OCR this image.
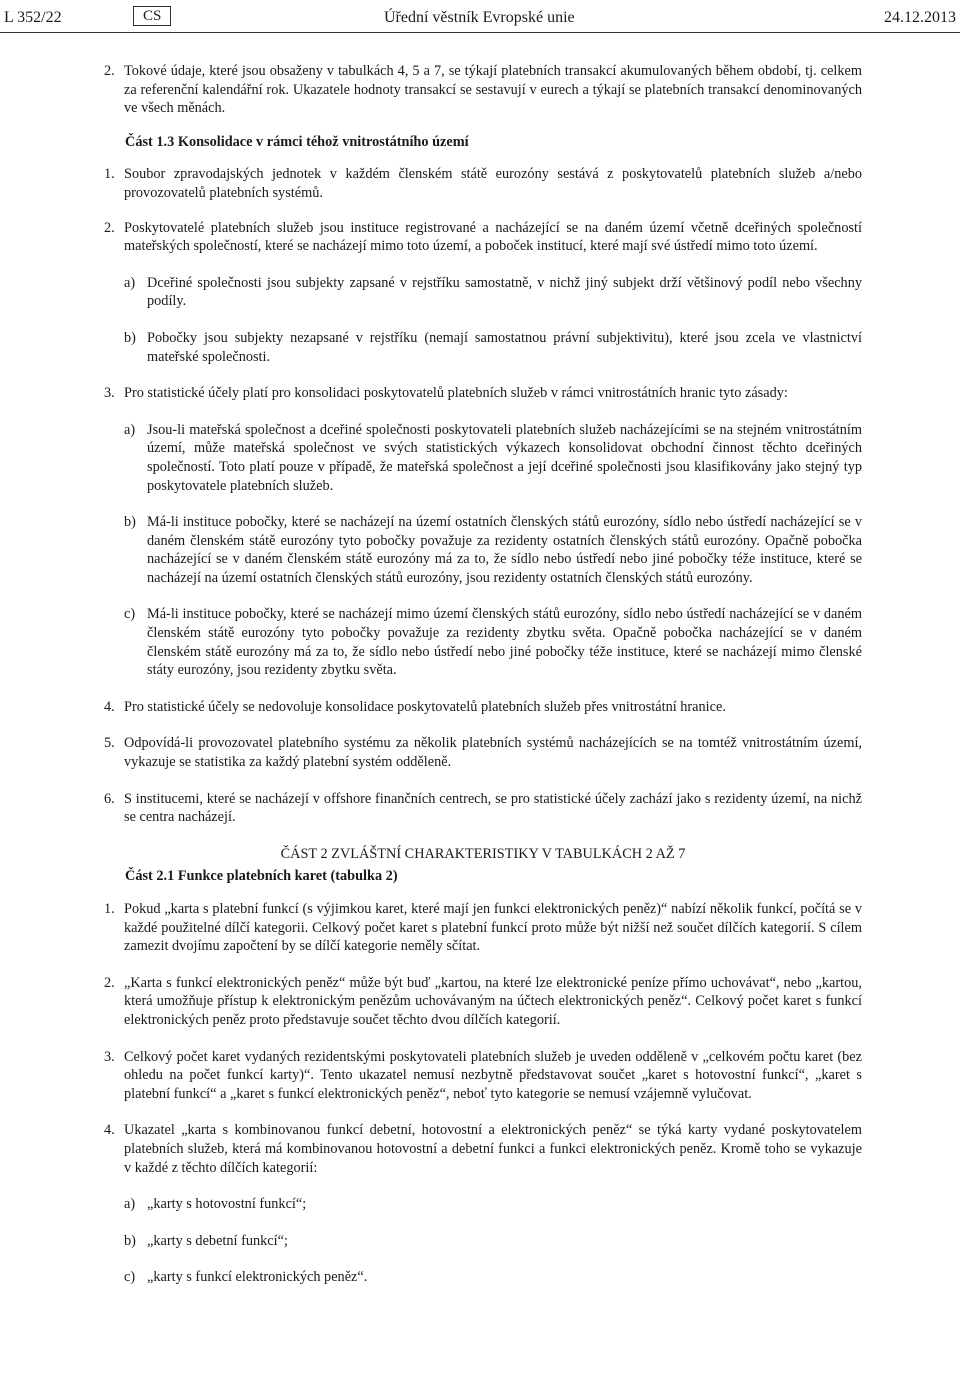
L 352/22	CS	Úřední věstník Evropské unie	24.12.2013
2. Tokové údaje, které jsou obsaženy v tabulkách 4, 5 a 7, se týkají platebních transakcí akumulovaných během období, tj. celkem za referenční kalendářní rok. Ukazatele hodnoty transakcí se sestavují v eurech a týkají se platebních transakcí denominovaných ve všech měnách.
Část 1.3 Konsolidace v rámci téhož vnitrostátního území
1. Soubor zpravodajských jednotek v každém členském státě eurozóny sestává z poskytovatelů platebních služeb a/nebo provozovatelů platebních systémů.
2. Poskytovatelé platebních služeb jsou instituce registrované a nacházející se na daném území včetně dceřiných společností mateřských společností, které se nacházejí mimo toto území, a poboček institucí, které mají své ústředí mimo toto území.
a) Dceřiné společnosti jsou subjekty zapsané v rejstříku samostatně, v nichž jiný subjekt drží většinový podíl nebo všechny podíly.
b) Pobočky jsou subjekty nezapsané v rejstříku (nemají samostatnou právní subjektivitu), které jsou zcela ve vlastnictví mateřské společnosti.
3. Pro statistické účely platí pro konsolidaci poskytovatelů platebních služeb v rámci vnitrostátních hranic tyto zásady:
a) Jsou-li mateřská společnost a dceřiné společnosti poskytovateli platebních služeb nacházejícími se na stejném vnitrostátním území, může mateřská společnost ve svých statistických výkazech konsolidovat obchodní činnost těchto dceřiných společností. Toto platí pouze v případě, že mateřská společnost a její dceřiné společnosti jsou klasifikovány jako stejný typ poskytovatele platebních služeb.
b) Má-li instituce pobočky, které se nacházejí na území ostatních členských států eurozóny, sídlo nebo ústředí nacházející se v daném členském státě eurozóny tyto pobočky považuje za rezidenty ostatních členských států eurozóny. Opačně pobočka nacházející se v daném členském státě eurozóny má za to, že sídlo nebo ústředí nebo jiné pobočky téže instituce, které se nacházejí na území ostatních členských států eurozóny, jsou rezidenty ostatních členských států eurozóny.
c) Má-li instituce pobočky, které se nacházejí mimo území členských států eurozóny, sídlo nebo ústředí nacházející se v daném členském státě eurozóny tyto pobočky považuje za rezidenty zbytku světa. Opačně pobočka nacházející se v daném členském státě eurozóny má za to, že sídlo nebo ústředí nebo jiné pobočky téže instituce, které se nacházejí mimo členské státy eurozóny, jsou rezidenty zbytku světa.
4. Pro statistické účely se nedovoluje konsolidace poskytovatelů platebních služeb přes vnitrostátní hranice.
5. Odpovídá-li provozovatel platebního systému za několik platebních systémů nacházejících se na tomtéž vnitrostátním území, vykazuje se statistika za každý platební systém odděleně.
6. S institucemi, které se nacházejí v offshore finančních centrech, se pro statistické účely zachází jako s rezidenty území, na nichž se centra nacházejí.
ČÁST 2 ZVLÁŠTNÍ CHARAKTERISTIKY V TABULKÁCH 2 AŽ 7
Část 2.1 Funkce platebních karet (tabulka 2)
1. Pokud „karta s platební funkcí (s výjimkou karet, které mají jen funkci elektronických peněz)“ nabízí několik funkcí, počítá se v každé použitelné dílčí kategorii. Celkový počet karet s platební funkcí proto může být nižší než součet dílčích kategorií. S cílem zamezit dvojímu započtení by se dílčí kategorie neměly sčítat.
2. „Karta s funkcí elektronických peněz“ může být buď „kartou, na které lze elektronické peníze přímo uchovávat“, nebo „kartou, která umožňuje přístup k elektronickým penězům uchovávaným na účtech elektronických peněz“. Celkový počet karet s funkcí elektronických peněz proto představuje součet těchto dvou dílčích kategorií.
3. Celkový počet karet vydaných rezidentskými poskytovateli platebních služeb je uveden odděleně v „celkovém počtu karet (bez ohledu na počet funkcí karty)“. Tento ukazatel nemusí nezbytně představovat součet „karet s hotovostní funkcí“, „karet s platební funkcí“ a „karet s funkcí elektronických peněz“, neboť tyto kategorie se nemusí vzájemně vylučovat.
4. Ukazatel „karta s kombinovanou funkcí debetní, hotovostní a elektronických peněz“ se týká karty vydané poskytovatelem platebních služeb, která má kombinovanou hotovostní a debetní funkci a funkci elektronických peněz. Kromě toho se vykazuje v každé z těchto dílčích kategorií:
a) „karty s hotovostní funkcí“;
b) „karty s debetní funkcí“;
c) „karty s funkcí elektronických peněz“.
